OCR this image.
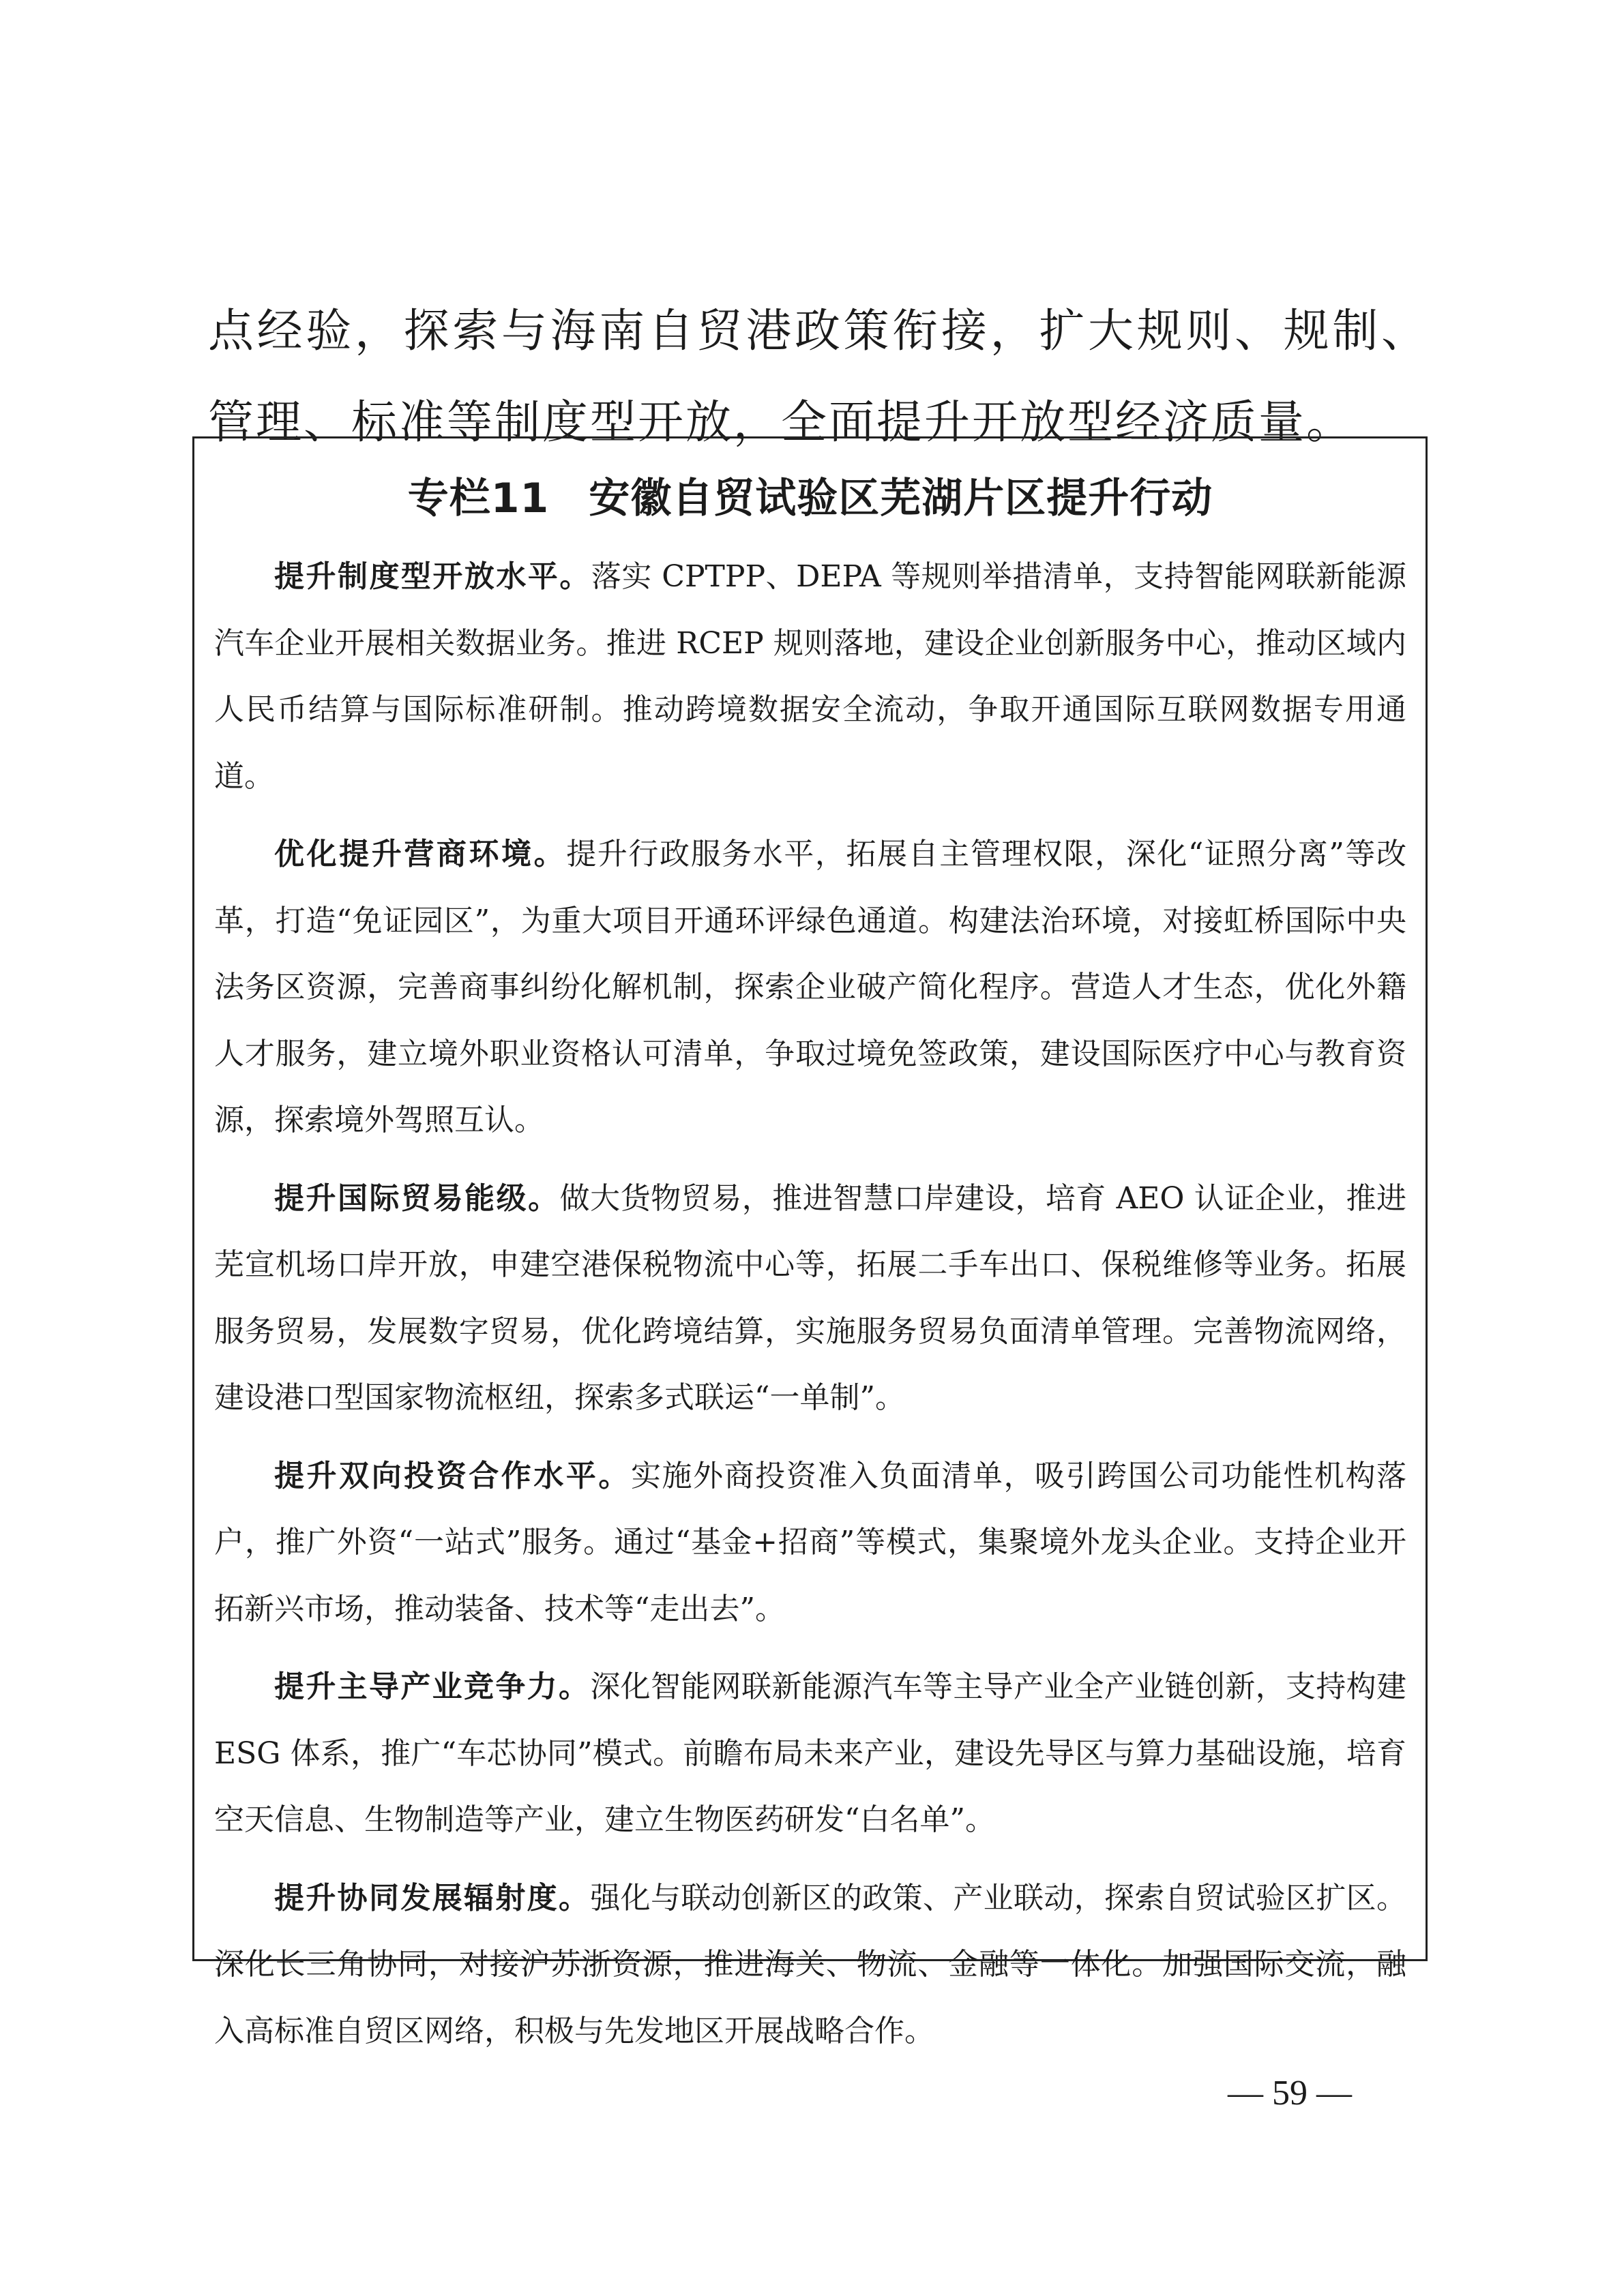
点经验，探索与海南自贸港政策衔接，扩大规则、规制、管理、标准等制度型开放，全面提升开放型经济质量。

专栏11 安徽自贸试验区芜湖片区提升行动

提升制度型开放水平。落实 CPTPP、DEPA 等规则举措清单，支持智能网联新能源汽车企业开展相关数据业务。推进 RCEP 规则落地，建设企业创新服务中心，推动区域内人民币结算与国际标准研制。推动跨境数据安全流动，争取开通国际互联网数据专用通道。

优化提升营商环境。提升行政服务水平，拓展自主管理权限，深化“证照分离”等改革，打造“免证园区”，为重大项目开通环评绿色通道。构建法治环境，对接虹桥国际中央法务区资源，完善商事纠纷化解机制，探索企业破产简化程序。营造人才生态，优化外籍人才服务，建立境外职业资格认可清单，争取过境免签政策，建设国际医疗中心与教育资源，探索境外驾照互认。

提升国际贸易能级。做大货物贸易，推进智慧口岸建设，培育 AEO 认证企业，推进芜宣机场口岸开放，申建空港保税物流中心等，拓展二手车出口、保税维修等业务。拓展服务贸易，发展数字贸易，优化跨境结算，实施服务贸易负面清单管理。完善物流网络，建设港口型国家物流枢纽，探索多式联运“一单制”。

提升双向投资合作水平。实施外商投资准入负面清单，吸引跨国公司功能性机构落户，推广外资“一站式”服务。通过“基金+招商”等模式，集聚境外龙头企业。支持企业开拓新兴市场，推动装备、技术等“走出去”。

提升主导产业竞争力。深化智能网联新能源汽车等主导产业全产业链创新，支持构建 ESG 体系，推广“车芯协同”模式。前瞻布局未来产业，建设先导区与算力基础设施，培育空天信息、生物制造等产业，建立生物医药研发“白名单”。

提升协同发展辐射度。强化与联动创新区的政策、产业联动，探索自贸试验区扩区。深化长三角协同，对接沪苏浙资源，推进海关、物流、金融等一体化。加强国际交流，融入高标准自贸区网络，积极与先发地区开展战略合作。

— 59 —
